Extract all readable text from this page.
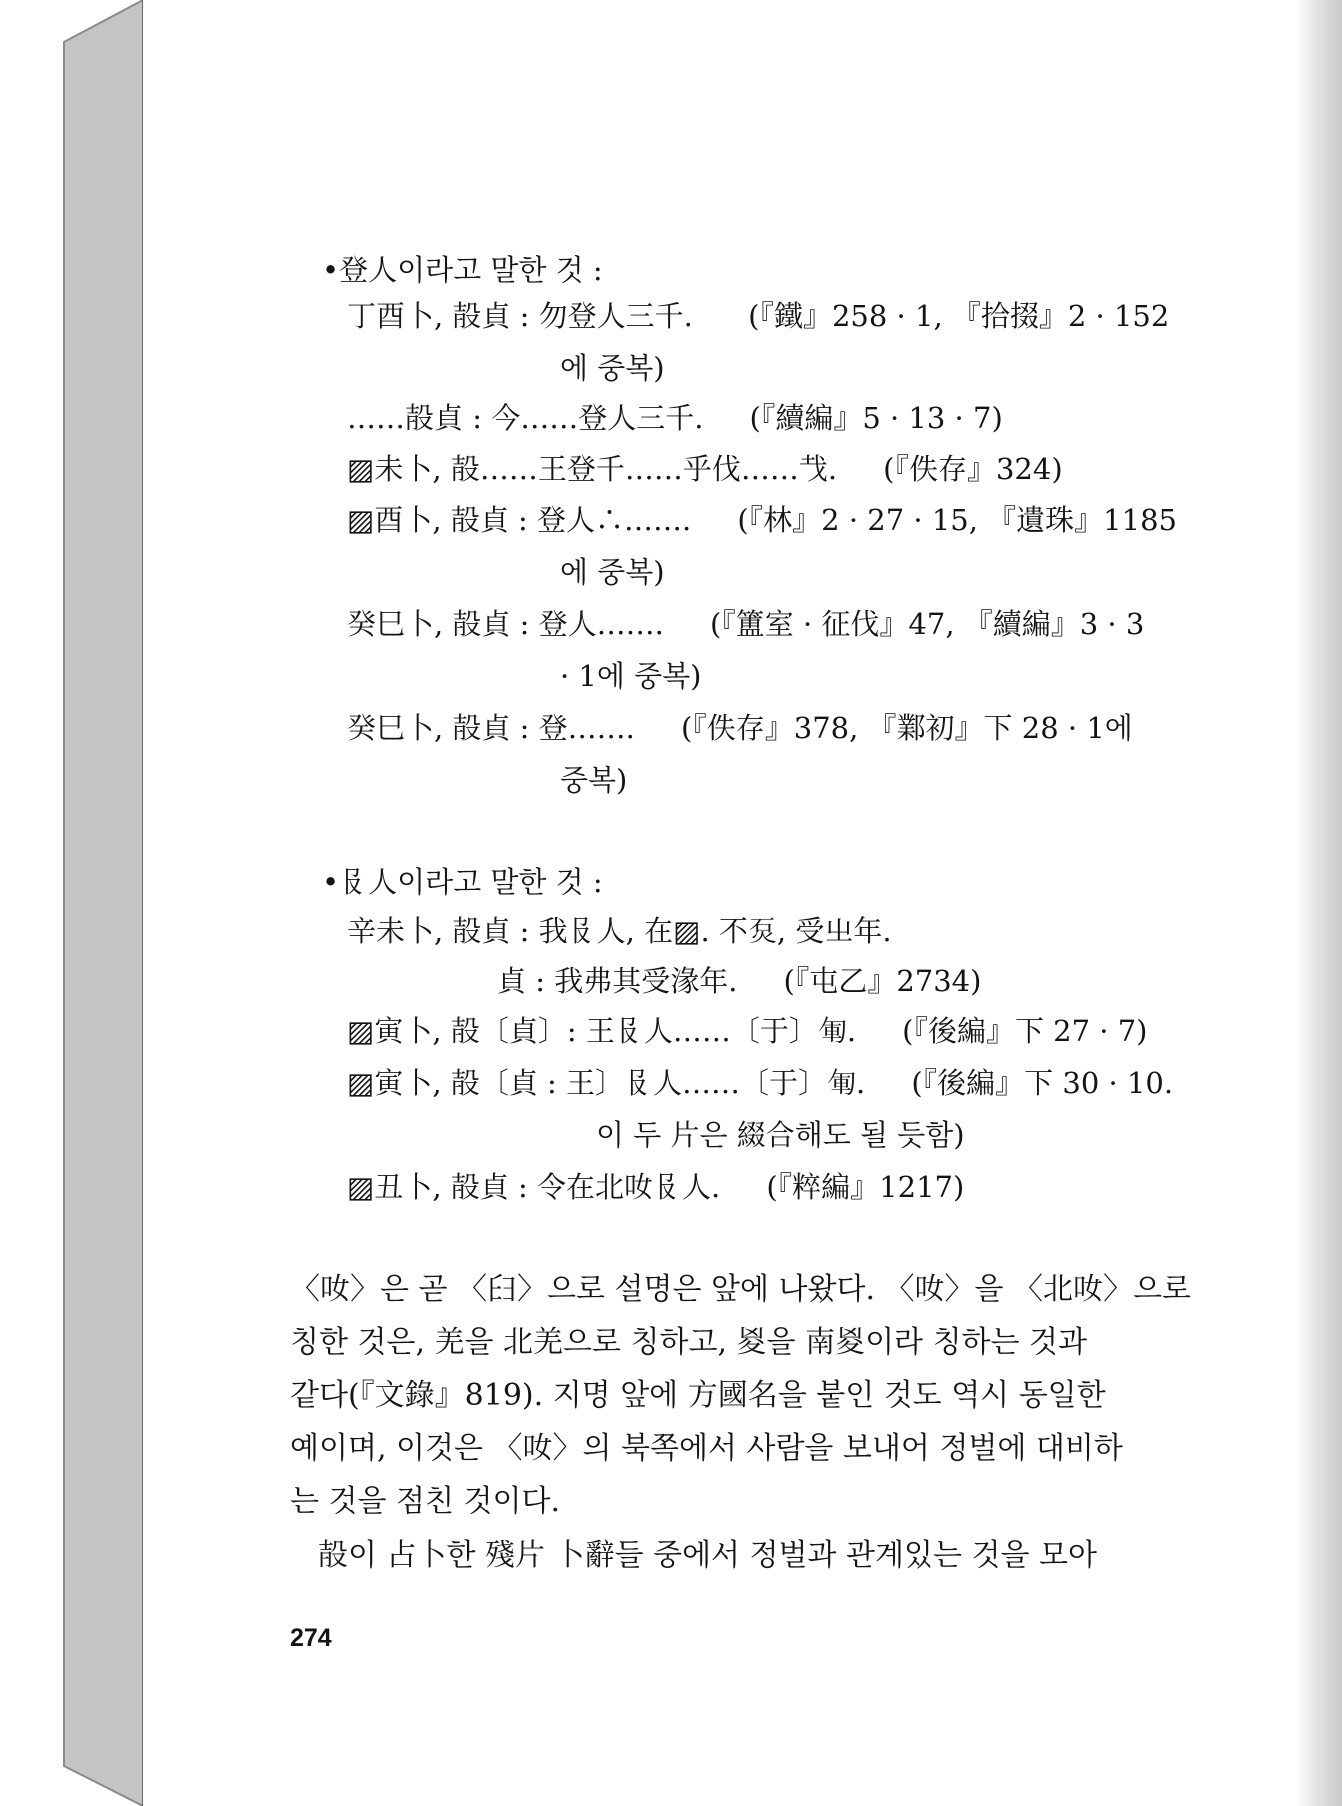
•登人이라고 말한 것 :

丁酉卜, 㱿貞 : 勿登人三千.      (『鐵』258 · 1, 『拾掇』2 · 152

에 중복)

……㱿貞 : 今……登人三千.     (『續編』5 · 13 · 7)

▨未卜, 㱿……王登千……乎伐……𢦏.     (『佚存』324)

▨酉卜, 㱿貞 : 登人∴…….     (『林』2 · 27 · 15, 『遺珠』1185

에 중복)

癸巳卜, 㱿貞 : 登人…….     (『簠室 · 征伐』47, 『續編』3 · 3

· 1에 중복)

癸巳卜, 㱿貞 : 登…….     (『佚存』378, 『鄴初』下 28 · 1에

중복)

•𠬝人이라고 말한 것 :

辛未卜, 㱿貞 : 我𠬝人, 在▨. 不𤇈, 受㞢年.

貞 : 我弗其受湪年.     (『屯乙』2734)

▨寅卜, 㱿〔貞〕: 王𠬝人……〔于〕𠣞.     (『後編』下 27 · 7)

▨寅卜, 㱿〔貞 : 王〕𠬝人……〔于〕𠣞.     (『後編』下 30 · 10.

이 두 片은 綴合해도 될 듯함)

▨丑卜, 㱿貞 : 令在北𠯆𠬝人.     (『粹編』1217)

〈𠯆〉은 곧 〈𦥑〉으로 설명은 앞에 나왔다. 〈𠯆〉을 〈北𠯆〉으로

칭한 것은, 羌을 北羌으로 칭하고, 㚇을 南㚇이라 칭하는 것과

같다(『文錄』819). 지명 앞에 方國名을 붙인 것도 역시 동일한

예이며, 이것은 〈𠯆〉의 북쪽에서 사람을 보내어 정벌에 대비하

는 것을 점친 것이다.

㱿이 占卜한 殘片 卜辭들 중에서 정벌과 관계있는 것을 모아

274
